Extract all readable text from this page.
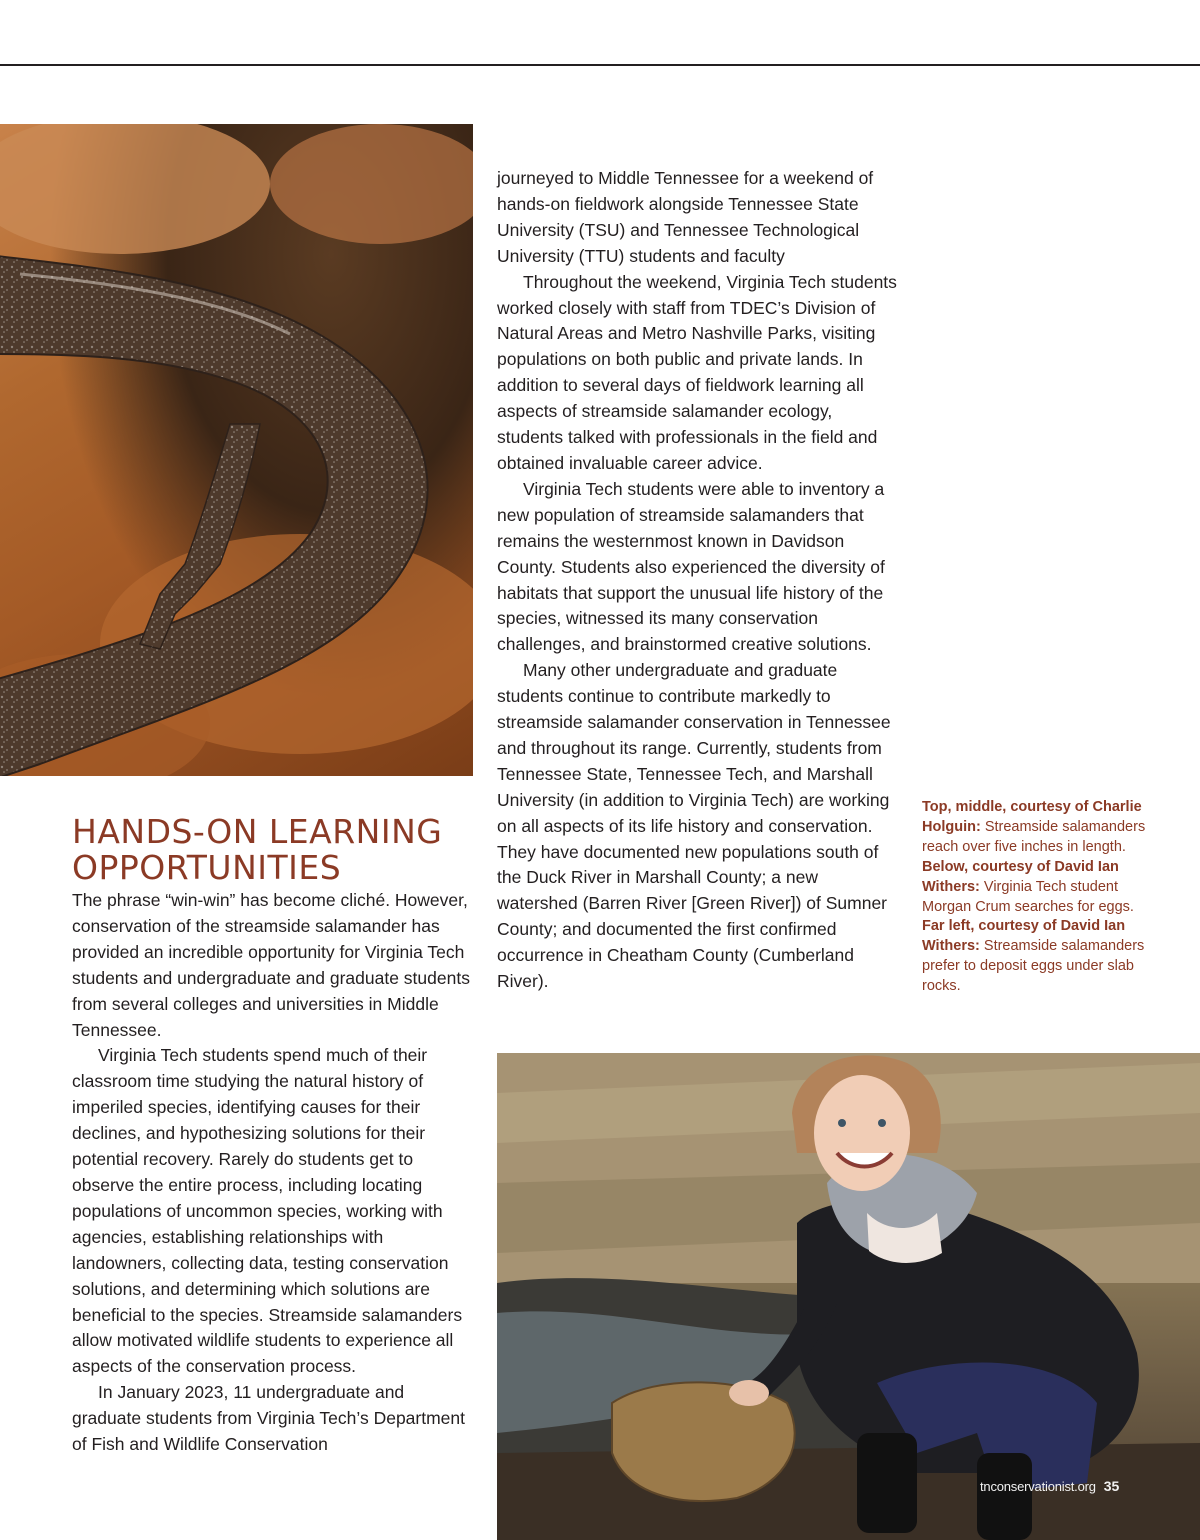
HANDS-ON LEARNING
OPPORTUNITIES

The phrase “win-win” has become cliché. However, conservation of the streamside salamander has provided an incredible opportunity for Virginia Tech students and undergraduate and graduate students from several colleges and universities in Middle Tennessee.

Virginia Tech students spend much of their classroom time studying the natural history of imperiled species, identifying causes for their declines, and hypothesizing solutions for their potential recovery. Rarely do students get to observe the entire process, including locating populations of uncommon species, working with agencies, establishing relationships with landowners, collecting data, testing conservation solutions, and determining which solutions are beneficial to the species. Streamside salamanders allow motivated wildlife students to experience all aspects of the conservation process.

In January 2023, 11 undergraduate and graduate students from Virginia Tech’s Department of Fish and Wildlife Conservation

journeyed to Middle Tennessee for a weekend of hands-on fieldwork alongside Tennessee State University (TSU) and Tennessee Technological University (TTU) students and faculty

Throughout the weekend, Virginia Tech students worked closely with staff from TDEC’s Division of Natural Areas and Metro Nashville Parks, visiting populations on both public and private lands. In addition to several days of fieldwork learning all aspects of streamside salamander ecology, students talked with professionals in the field and obtained invaluable career advice.

Virginia Tech students were able to inventory a new population of streamside salamanders that remains the westernmost known in Davidson County. Students also experienced the diversity of habitats that support the unusual life history of the species, witnessed its many conservation challenges, and brainstormed creative solutions.

Many other undergraduate and graduate students continue to contribute markedly to streamside salamander conservation in Tennessee and throughout its range. Currently, students from Tennessee State, Tennessee Tech, and Marshall University (in addition to Virginia Tech) are working on all aspects of its life history and conservation. They have documented new populations south of the Duck River in Marshall County; a new watershed (Barren River [Green River]) of Sumner County; and documented the first confirmed occurrence in Cheatham County (Cumberland River).

Top, middle, courtesy of Charlie Holguin: Streamside salamanders reach over five inches in length. Below, courtesy of David Ian Withers: Virginia Tech student Morgan Crum searches for eggs. Far left, courtesy of David Ian Withers: Streamside salamanders prefer to deposit eggs under slab rocks.

tnconservationist.org 35
